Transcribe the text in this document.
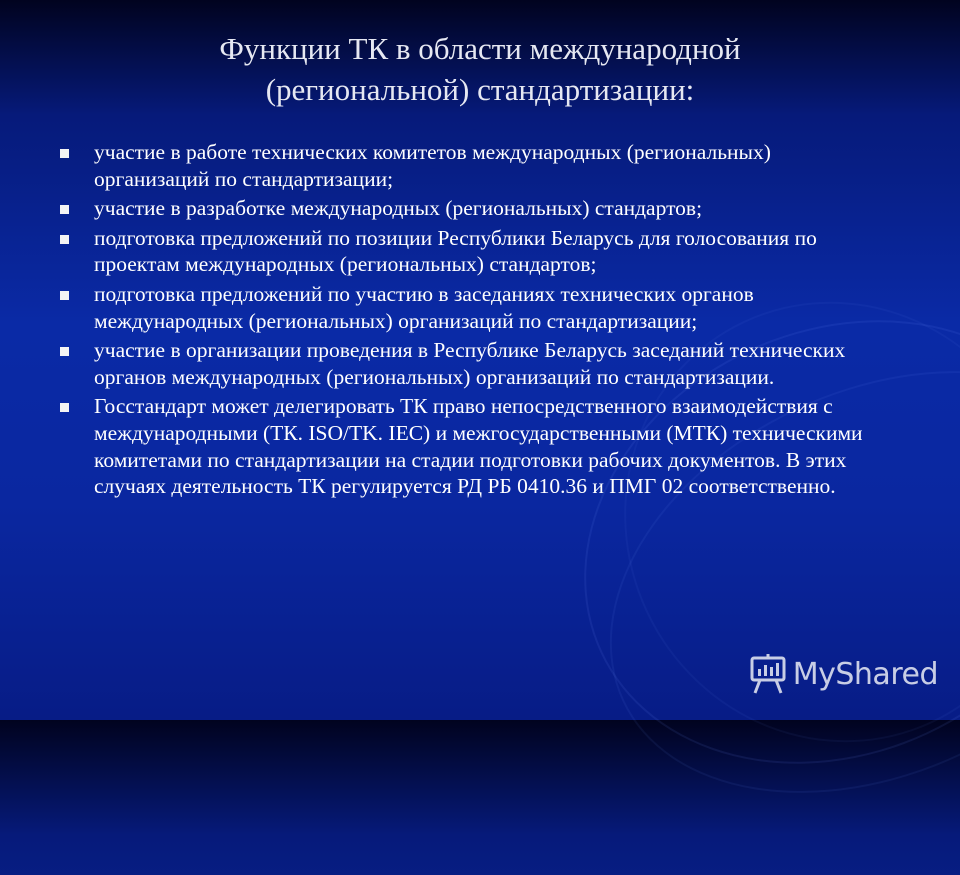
Функции ТК в области международной
(региональной) стандартизации:
участие в работе технических комитетов международных (региональных) организаций по стандартизации;
участие в разработке международных (региональных) стандартов;
подготовка предложений по позиции Республики Беларусь для голосования по проектам международных (региональных) стандартов;
подготовка предложений по участию в заседаниях технических органов международных (региональных) организаций по стандартизации;
участие в организации проведения в Республике Беларусь заседаний технических органов международных (региональных) организаций по стандартизации.
Госстандарт может делегировать ТК право непосредственного взаимодействия с международными (ТК. ISO/TK. IEC) и межгосударственными (МТК) техническими комитетами по стандартизации на стадии подготовки рабочих документов. В этих случаях деятельность ТК регулируется РД РБ 0410.36 и ПМГ 02 соответственно.
MyShared
